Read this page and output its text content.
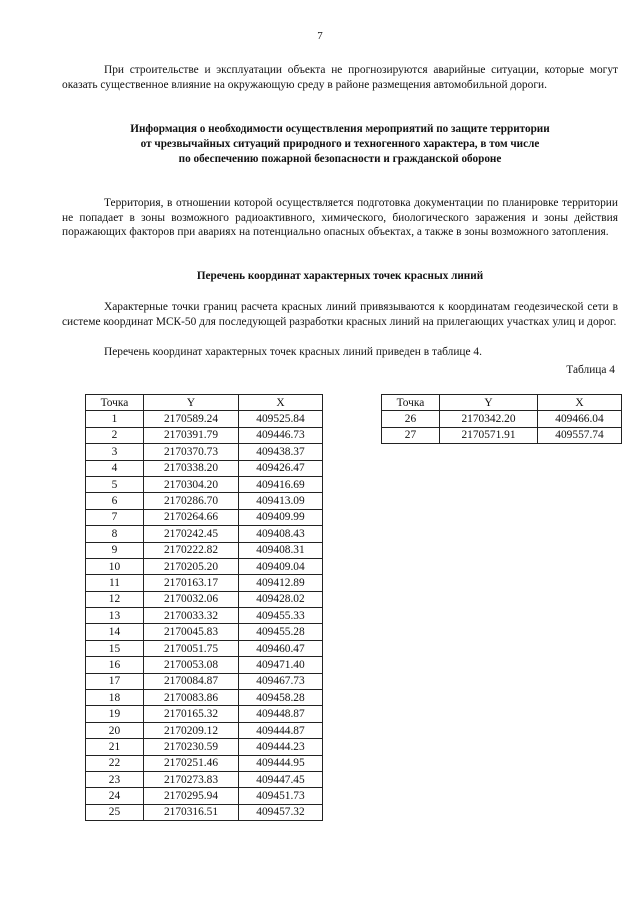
7

При строительстве и эксплуатации объекта не прогнозируются аварийные ситуации, которые могут оказать существенное влияние на окружающую среду в районе размещения автомобильной дороги.

Информация о необходимости осуществления мероприятий по защите территории
от чрезвычайных ситуаций природного и техногенного характера, в том числе
по обеспечению пожарной безопасности и гражданской обороне

Территория, в отношении которой осуществляется подготовка документации по планировке территории не попадает в зоны возможного радиоактивного, химического, биологического заражения и зоны действия поражающих факторов при авариях на потенциально опасных объектах, а также в зоны возможного затопления.

Перечень координат характерных точек красных линий

Характерные точки границ расчета красных линий привязываются к координатам геодезической сети в системе координат МСК-50 для последующей разработки красных линий на прилегающих участках улиц и дорог.

Перечень координат характерных точек красных линий приведен в таблице 4.

Таблица 4
Точка	Y	X
1	2170589.24	409525.84
2	2170391.79	409446.73
3	2170370.73	409438.37
4	2170338.20	409426.47
5	2170304.20	409416.69
6	2170286.70	409413.09
7	2170264.66	409409.99
8	2170242.45	409408.43
9	2170222.82	409408.31
10	2170205.20	409409.04
11	2170163.17	409412.89
12	2170032.06	409428.02
13	2170033.32	409455.33
14	2170045.83	409455.28
15	2170051.75	409460.47
16	2170053.08	409471.40
17	2170084.87	409467.73
18	2170083.86	409458.28
19	2170165.32	409448.87
20	2170209.12	409444.87
21	2170230.59	409444.23
22	2170251.46	409444.95
23	2170273.83	409447.45
24	2170295.94	409451.73
25	2170316.51	409457.32
Точка	Y	X
26	2170342.20	409466.04
27	2170571.91	409557.74
